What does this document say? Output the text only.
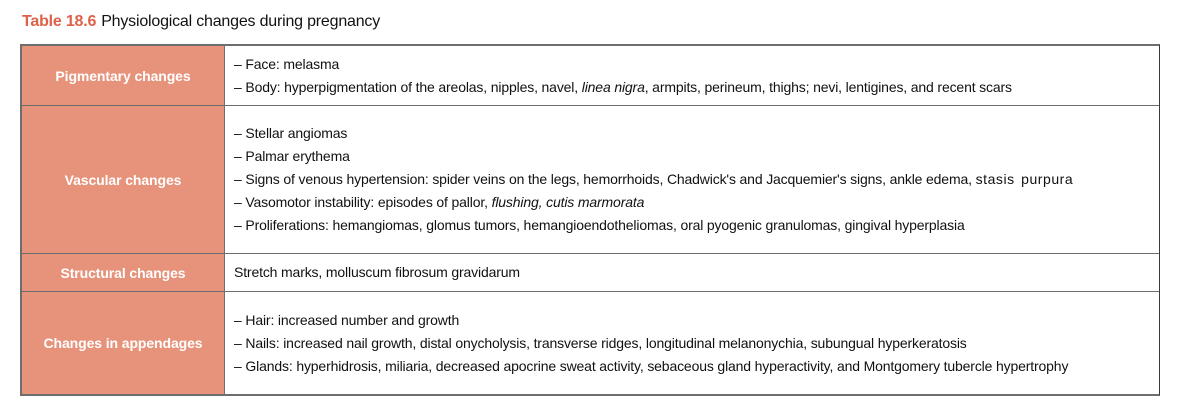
Table 18.6 Physiological changes during pregnancy
Pigmentary changes
– Face: melasma
– Body: hyperpigmentation of the areolas, nipples, navel, linea nigra, armpits, perineum, thighs; nevi, lentigines, and recent scars
Vascular changes
– Stellar angiomas
– Palmar erythema
– Signs of venous hypertension: spider veins on the legs, hemorrhoids, Chadwick's and Jacquemier's signs, ankle edema, stasis purpura
– Vasomotor instability: episodes of pallor, flushing, cutis marmorata
– Proliferations: hemangiomas, glomus tumors, hemangioendotheliomas, oral pyogenic granulomas, gingival hyperplasia
Structural changes	Stretch marks, molluscum fibrosum gravidarum
Changes in appendages
– Hair: increased number and growth
– Nails: increased nail growth, distal onycholysis, transverse ridges, longitudinal melanonychia, subungual hyperkeratosis
– Glands: hyperhidrosis, miliaria, decreased apocrine sweat activity, sebaceous gland hyperactivity, and Montgomery tubercle hypertrophy
